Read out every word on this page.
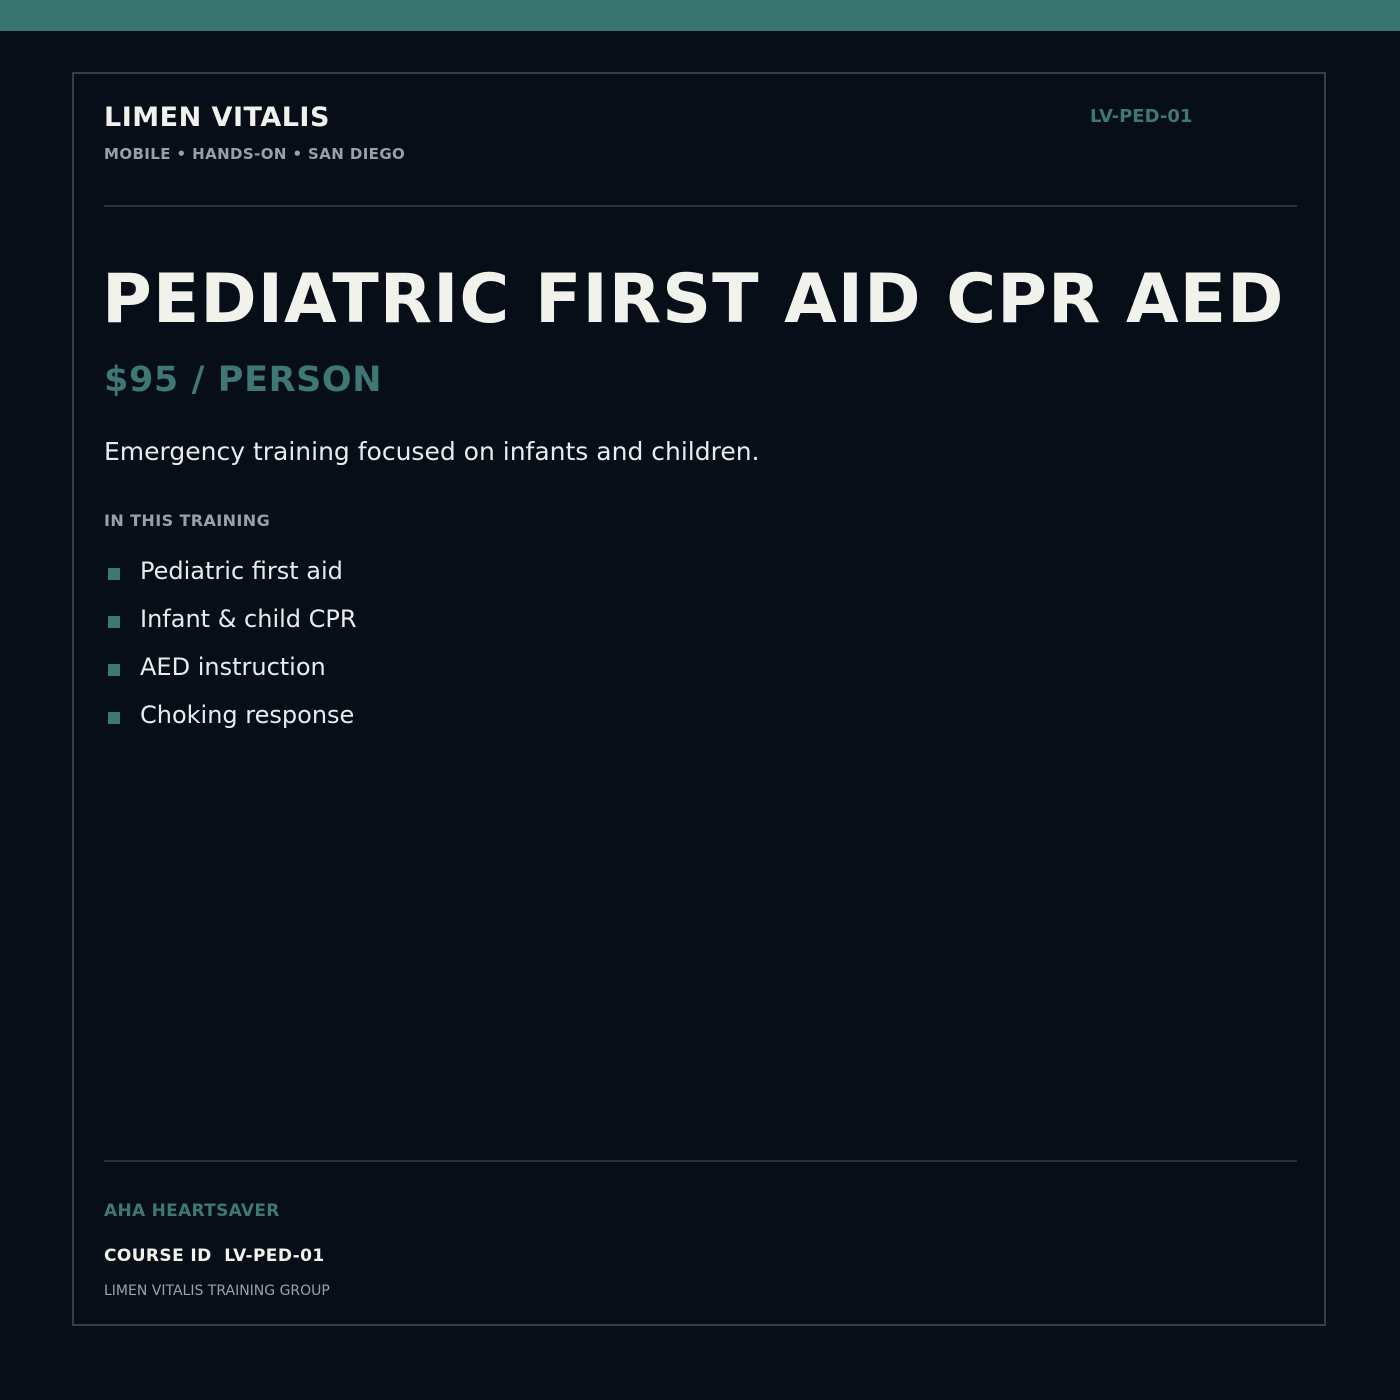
LIMEN VITALIS
MOBILE • HANDS-ON • SAN DIEGO
LV-PED-01
PEDIATRIC FIRST AID CPR AED
$95 / PERSON

Emergency training focused on infants and children.

IN THIS TRAINING
Pediatric first aid
Infant & child CPR
AED instruction
Choking response
AHA HEARTSAVER
COURSE ID LV-PED-01
LIMEN VITALIS TRAINING GROUP
